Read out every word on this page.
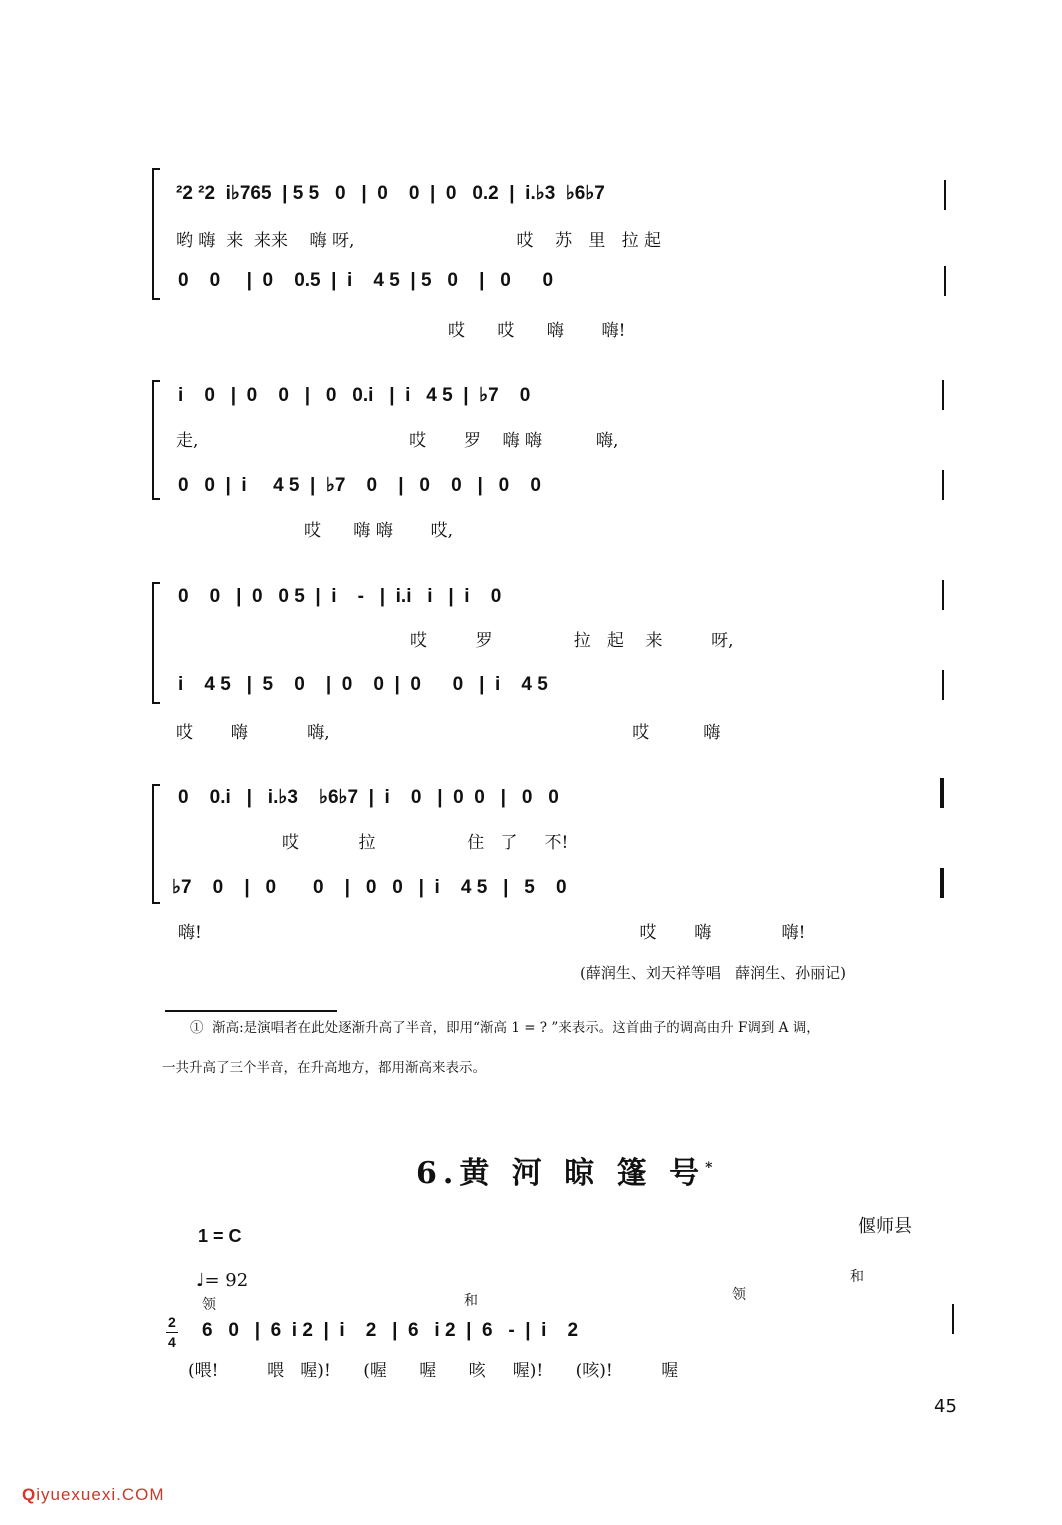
²2 ²2  i♭765  | 5 5   0   |  0    0  |  0   0.2  |  i.♭3  ♭6♭7
哟 嗨  来  来来    嗨 呀,                              哎    苏   里   拉 起
0    0     |  0    0.5  |  i    4 5  | 5   0    |   0      0
哎      哎      嗨       嗨!
i    0   |  0    0   |   0   0.i   |  i   4 5  |  ♭7    0
走,                                       哎       罗    嗨 嗨          嗨,
0   0  |  i     4 5  |  ♭7    0    |   0    0   |   0    0
哎      嗨 嗨       哎,
0    0   |  0   0 5  |  i    -   |  i.i   i   |  i    0
哎         罗               拉   起    来         呀,
i    4 5   |  5    0    |  0    0  |  0      0   |  i    4 5
哎       嗨           嗨,                                                        哎          嗨
0    0.i   |   i.♭3    ♭6♭7  |  i    0   |  0  0   |   0   0
哎           拉                 住   了     不!
♭7    0    |   0       0    |   0   0   |  i    4 5   |   5    0
嗨!                                                                                 哎       嗨             嗨!
(薛润生、刘天祥等唱   薛润生、孙丽记)
①  渐高:是演唱者在此处逐渐升高了半音，即用“渐高 1 = ? ”来表示。这首曲子的调高由升 F调到 A 调，
一共升高了三个半音，在升高地方，都用渐高来表示。
6.黄 河 晾 篷 号*
偃师县
1 = C
♩= 92
2
4
领	和	领
和
6   0   |  6  i 2  |  i    2   |  6   i 2  |  6   -  |  i    2
(喂!         喂   喔)!      (喔      喔      咳     喔)!      (咳)!         喔
45
Qiyuexuexi.COM
